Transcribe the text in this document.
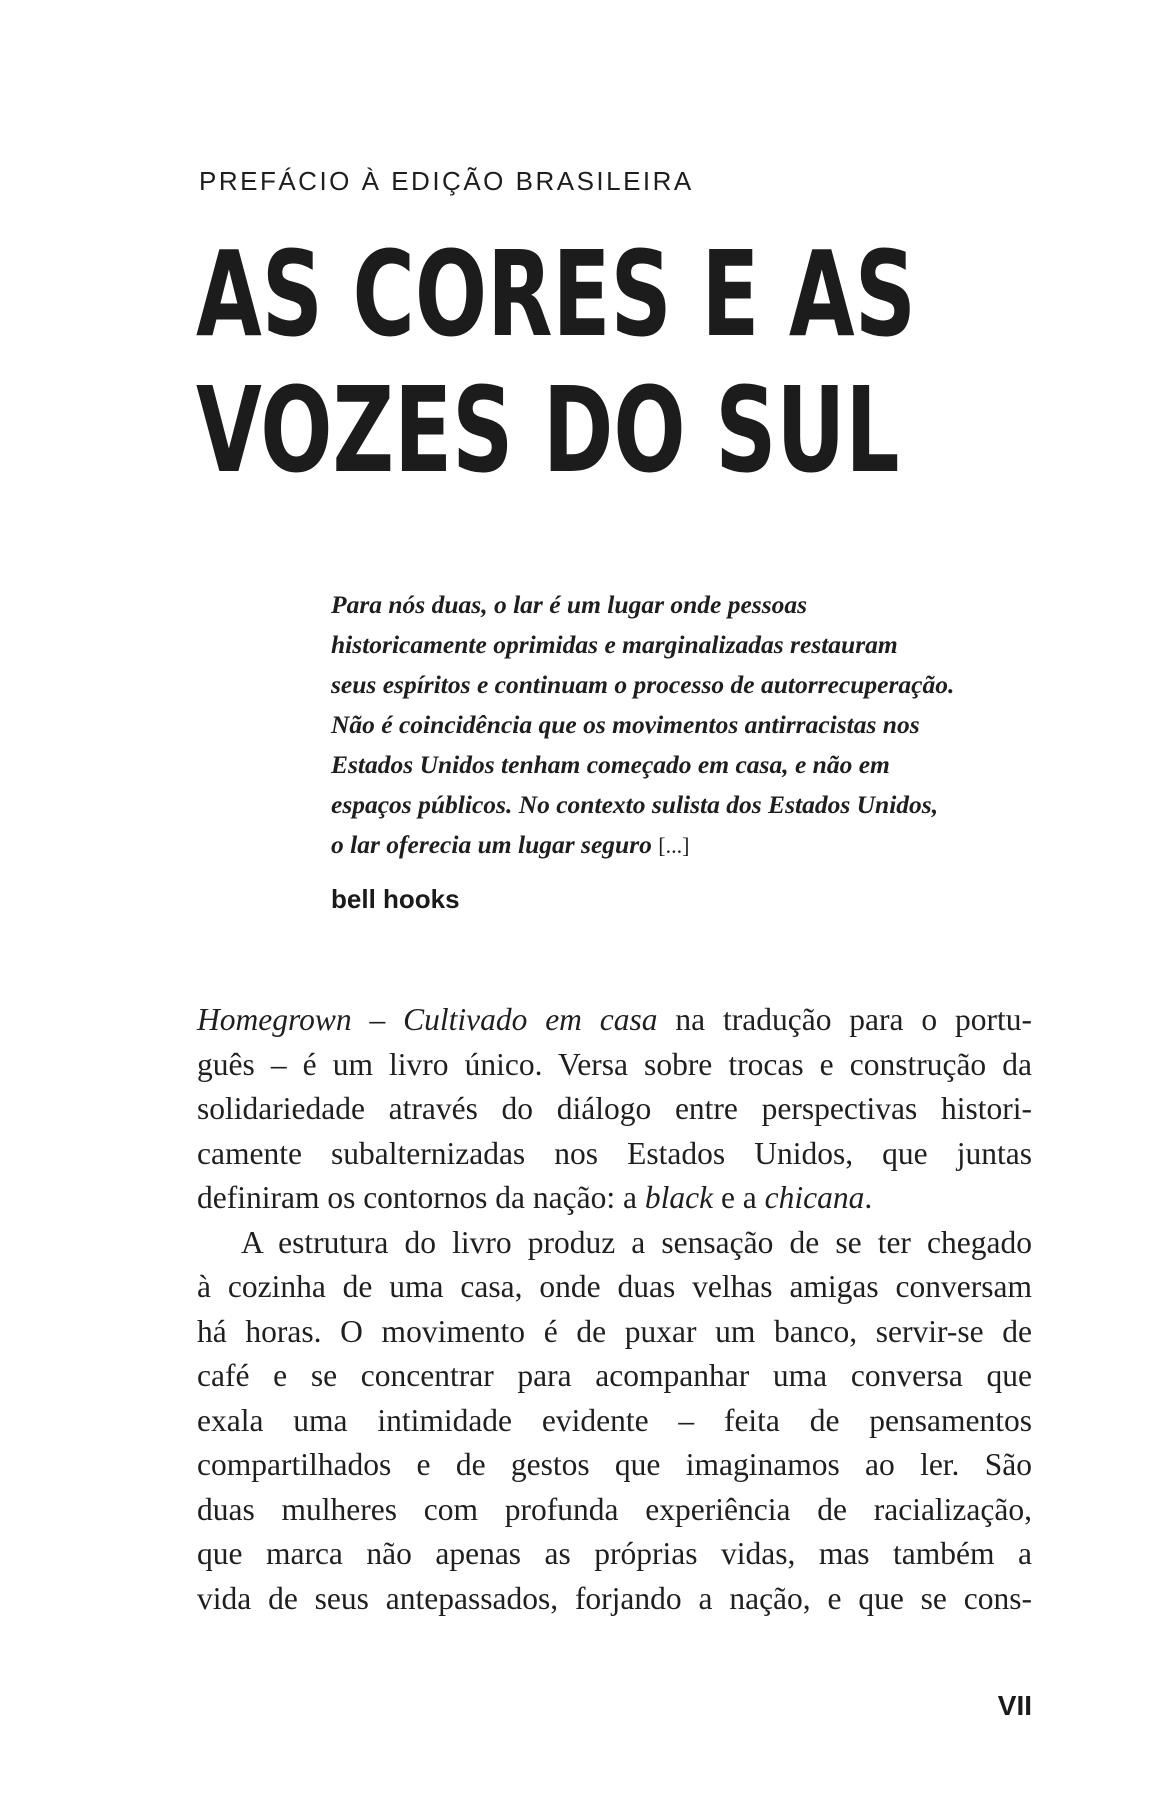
PREFÁCIO À EDIÇÃO BRASILEIRA
AS CORES E AS
VOZES DO SUL
Para nós duas, o lar é um lugar onde pessoas
historicamente oprimidas e marginalizadas restauram
seus espíritos e continuam o processo de autorrecuperação.
Não é coincidência que os movimentos antirracistas nos
Estados Unidos tenham começado em casa, e não em
espaços públicos. No contexto sulista dos Estados Unidos,
o lar oferecia um lugar seguro [...]
bell hooks
Homegrown – Cultivado em casa na tradução para o portu-
guês – é um livro único. Versa sobre trocas e construção da
solidariedade através do diálogo entre perspectivas histori-
camente subalternizadas nos Estados Unidos, que juntas
definiram os contornos da nação: a black e a chicana.
A estrutura do livro produz a sensação de se ter chegado
à cozinha de uma casa, onde duas velhas amigas conversam
há horas. O movimento é de puxar um banco, servir-se de
café e se concentrar para acompanhar uma conversa que
exala uma intimidade evidente – feita de pensamentos
compartilhados e de gestos que imaginamos ao ler. São
duas mulheres com profunda experiência de racialização,
que marca não apenas as próprias vidas, mas também a
vida de seus antepassados, forjando a nação, e que se cons-
VII
